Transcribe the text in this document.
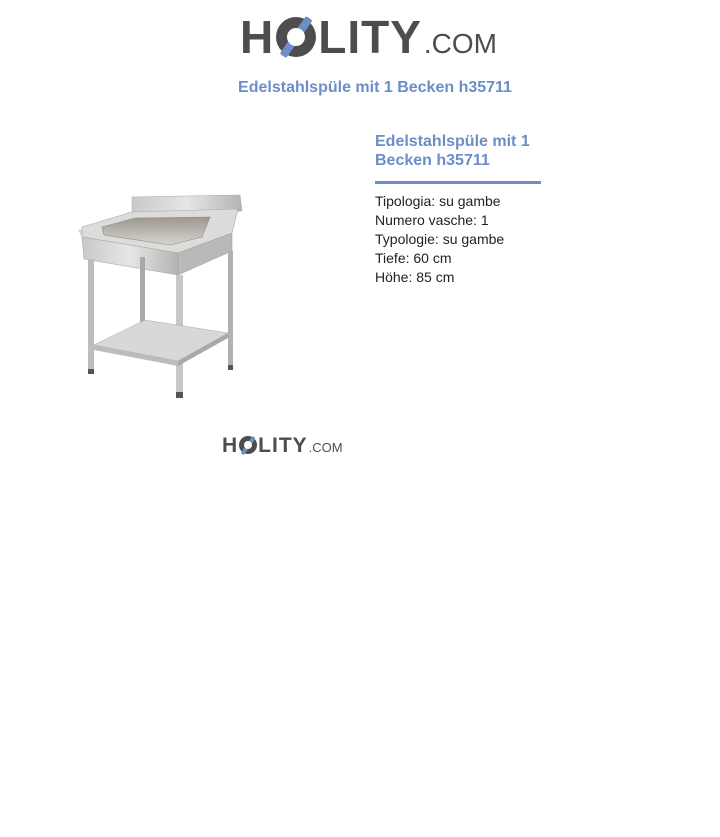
H LITY .COM
Edelstahlspüle mit 1 Becken h35711
Edelstahlspüle mit 1 Becken h35711
Tipologia: su gambe
Numero vasche: 1
Typologie: su gambe
Tiefe: 60 cm
Höhe: 85 cm
H LITY .COM
